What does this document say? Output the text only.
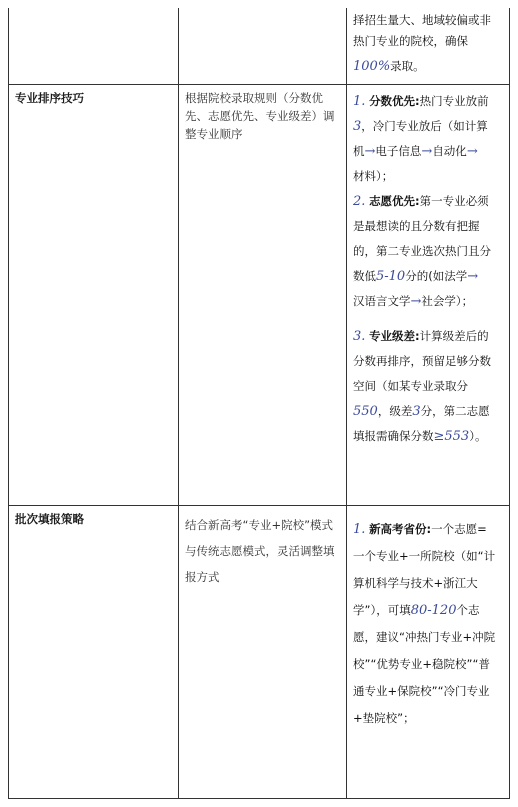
择招生量大、地域较偏或非
热门专业的院校，确保
100%录取。
专业排序技巧	根据院校录取规则（分数优先、志愿优先、专业级差）调整专业顺序
1. 分数优先:热门专业放前
3，冷门专业放后（如计算
机→电子信息→自动化→
材料）；
2. 志愿优先:第一专业必须
是最想读的且分数有把握
的，第二专业选次热门且分
数低5-10分的(如法学→
汉语言文学→社会学）；
3. 专业级差:计算级差后的
分数再排序，预留足够分数
空间（如某专业录取分
550，级差3分，第二志愿
填报需确保分数≥553）。
批次填报策略	结合新高考“专业+院校”模式与传统志愿模式，灵活调整填报方式
1. 新高考省份:一个志愿=
一个专业+一所院校（如“计
算机科学与技术+浙江大
学”），可填80-120个志
愿，建议“冲热门专业+冲院
校”“优势专业+稳院校”“普
通专业+保院校”“冷门专业
+垫院校”；
